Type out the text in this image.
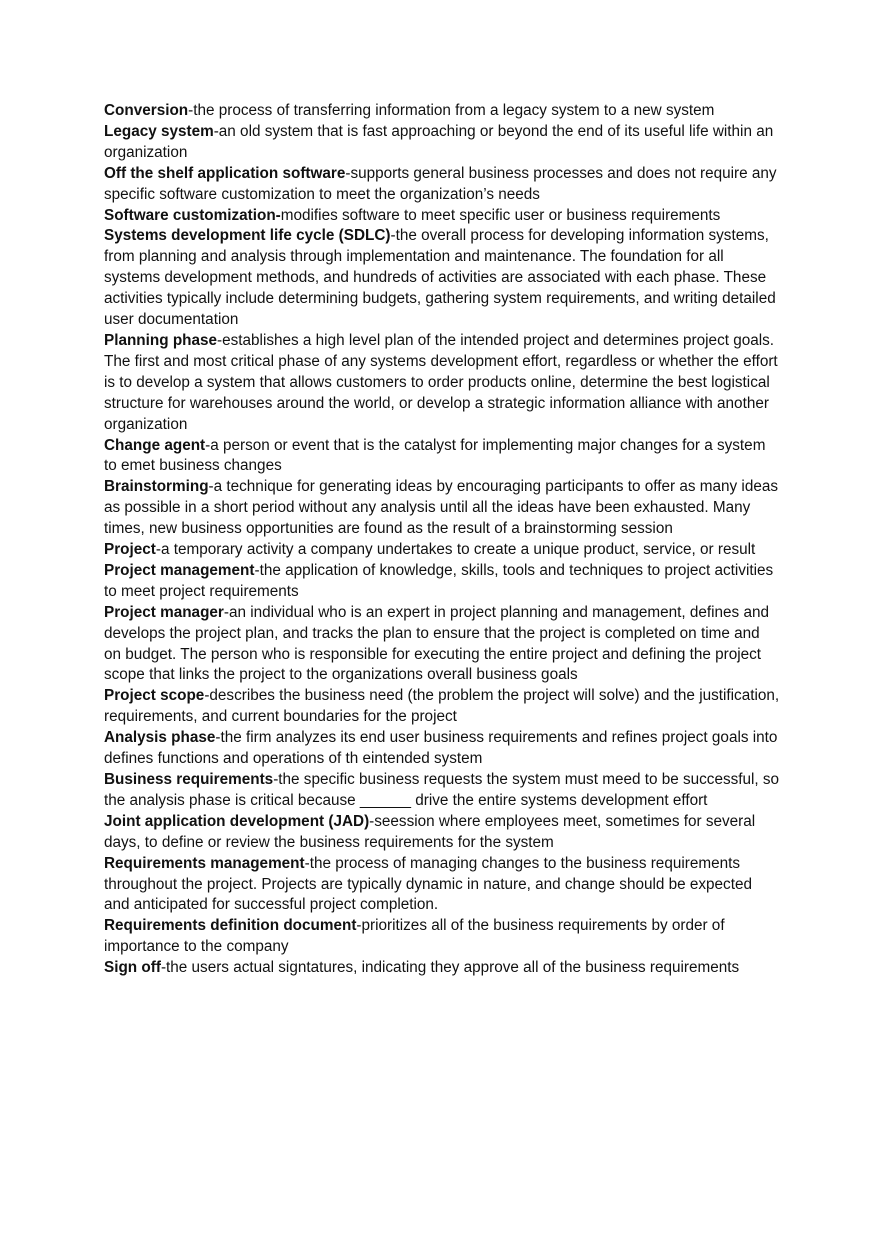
Conversion-the process of transferring information from a legacy system to a new system

Legacy system-an old system that is fast approaching or beyond the end of its useful life within an organization

Off the shelf application software-supports general business processes and does not require any specific software customization to meet the organization’s needs

Software customization-modifies software to meet specific user or business requirements

Systems development life cycle (SDLC)-the overall process for developing information systems, from planning and analysis through implementation and maintenance. The foundation for all systems development methods, and hundreds of activities are associated with each phase. These activities typically include determining budgets, gathering system requirements, and writing detailed user documentation

Planning phase-establishes a high level plan of the intended project and determines project goals. The first and most critical phase of any systems development effort, regardless or whether the effort is to develop a system that allows customers to order products online, determine the best logistical structure for warehouses around the world, or develop a strategic information alliance with another organization

Change agent-a person or event that is the catalyst for implementing major changes for a system to emet business changes

Brainstorming-a technique for generating ideas by encouraging participants to offer as many ideas as possible in a short period without any analysis until all the ideas have been exhausted. Many times, new business opportunities are found as the result of a brainstorming session

Project-a temporary activity a company undertakes to create a unique product, service, or result

Project management-the application of knowledge, skills, tools and techniques to project activities to meet project requirements

Project manager-an individual who is an expert in project planning and management, defines and develops the project plan, and tracks the plan to ensure that the project is completed on time and on budget. The person who is responsible for executing the entire project and defining the project scope that links the project to the organizations overall business goals

Project scope-describes the business need (the problem the project will solve) and the justification, requirements, and current boundaries for the project

Analysis phase-the firm analyzes its end user business requirements and refines project goals into defines functions and operations of th eintended system

Business requirements-the specific business requests the system must meed to be successful, so the analysis phase is critical because ______ drive the entire systems development effort

Joint application development (JAD)-seession where employees meet, sometimes for several days, to define or review the business requirements for the system

Requirements management-the process of managing changes to the business requirements throughout the project. Projects are typically dynamic in nature, and change should be expected and anticipated for successful project completion.

Requirements definition document-prioritizes all of the business requirements by order of importance to the company

Sign off-the users actual signtatures, indicating they approve all of the business requirements
